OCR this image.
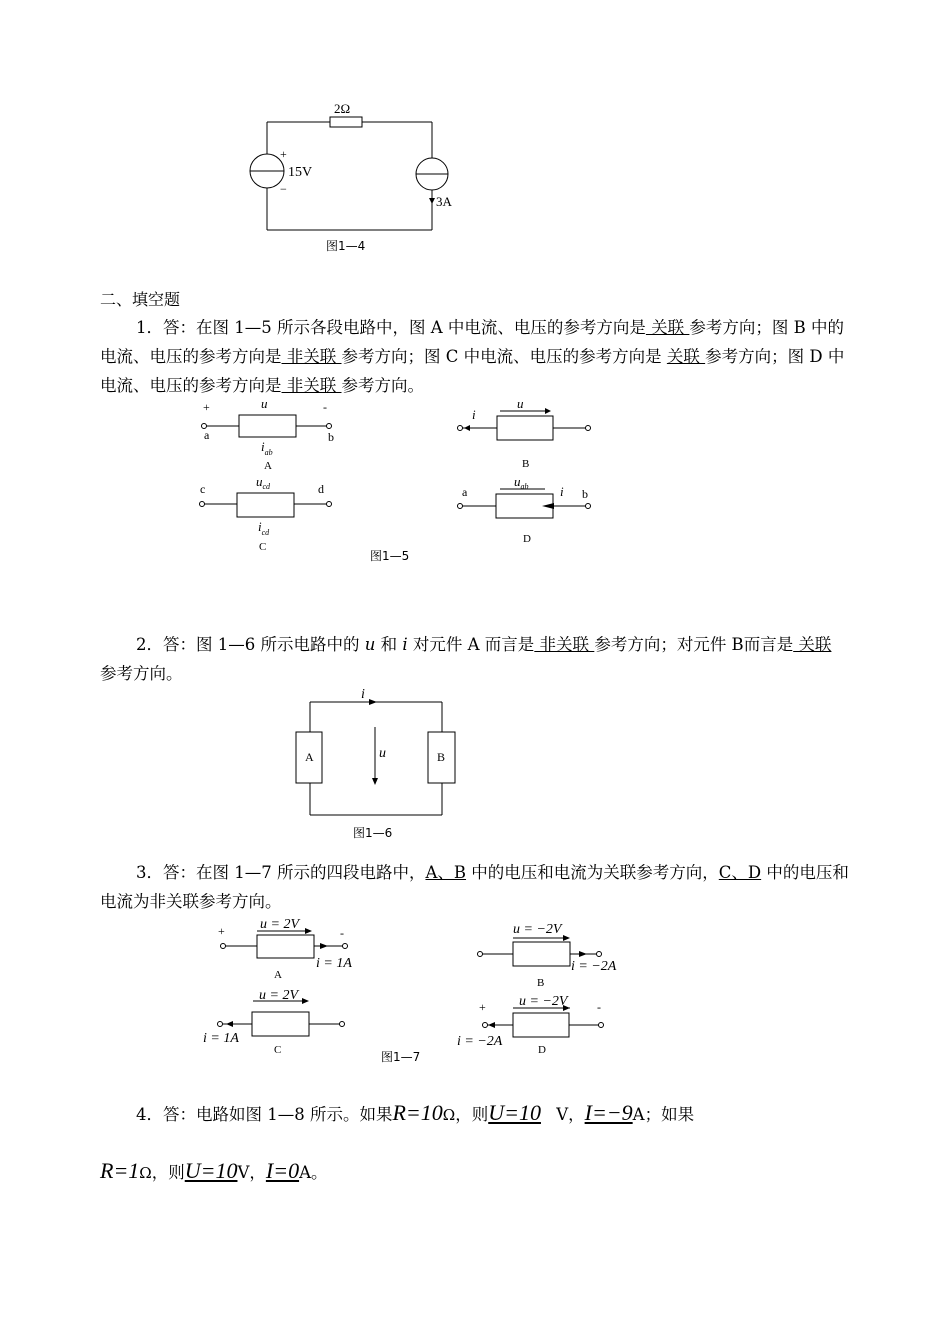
2Ω
+
15V
−
3A
图1—4
二、填空题
1．答：在图 1—5 所示各段电路中，图 A 中电流、电压的参考方向是 关联 参考方向；图 B 中的电流、电压的参考方向是 非关联 参考方向；图 C 中电流、电压的参考方向是 关联 参考方向；图 D 中电流、电压的参考方向是 非关联 参考方向。
+	u	-
a	b
$i_{ab}$
A
i
u
B
c	$u_{cd}$	d
$i_{cd}$
C
a
$u_{ab}$ i b
D
图1—5
2．答：图 1—6 所示电路中的 u 和 i 对元件 A 而言是 非关联 参考方向；对元件 B而言是 关联 参考方向。
i
u
A	B
图1—6
3．答：在图 1—7 所示的四段电路中，A、B 中的电压和电流为关联参考方向，C、D 中的电压和电流为非关联参考方向。
+	u = 2V
-
i = 1A
A
u = −2V
i = −2A
B
u = 2V
i = 1A
C
+ u = −2V -
i = −2A
D
图1—7
4．答：电路如图 1—8 所示。如果R=10Ω，则U=10 V，I=−9A；如果
R=1Ω，则U=10V，I=0A。
